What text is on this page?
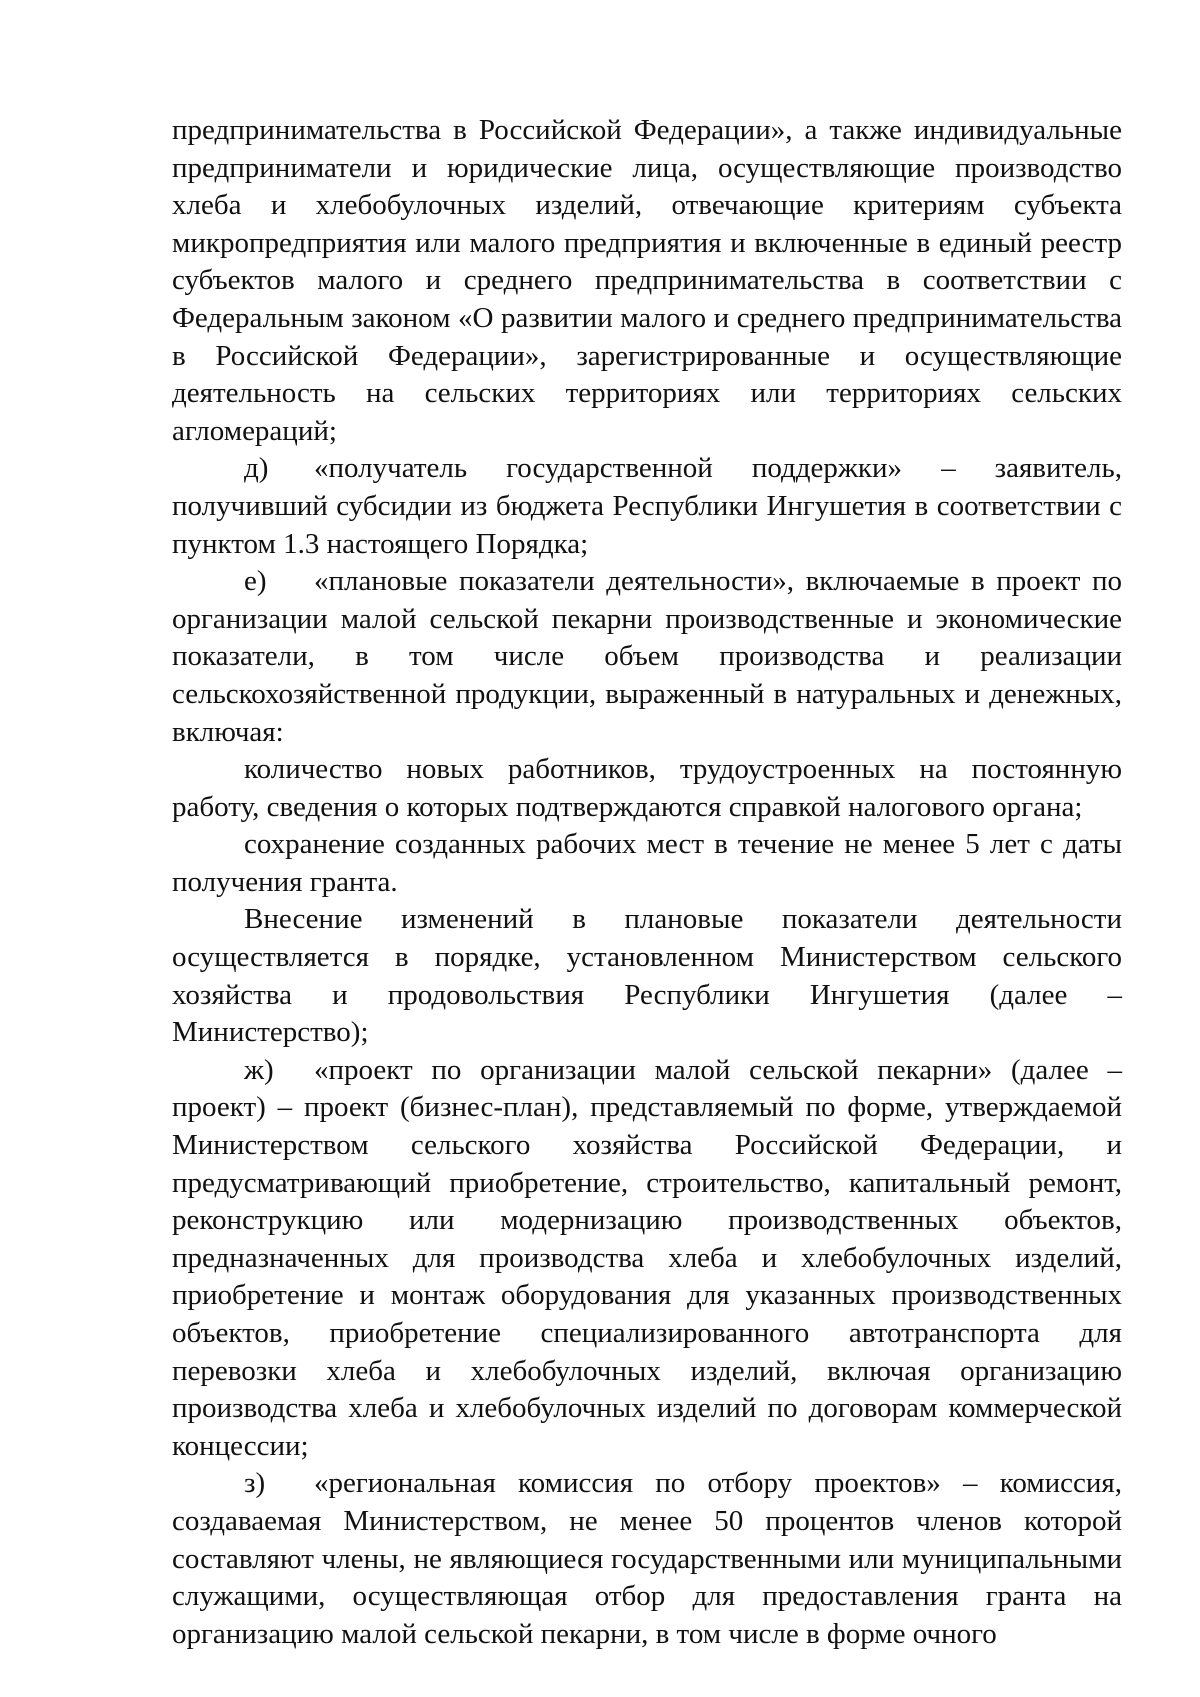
предпринимательства в Российской Федерации», а также индивидуальные предприниматели и юридические лица, осуществляющие производство хлеба и хлебобулочных изделий, отвечающие критериям субъекта микропредприятия или малого предприятия и включенные в единый реестр субъектов малого и среднего предпринимательства в соответствии с Федеральным законом «О развитии малого и среднего предпринимательства в Российской Федерации», зарегистрированные и осуществляющие деятельность на сельских территориях или территориях сельских агломераций;

д) «получатель государственной поддержки» – заявитель, получивший субсидии из бюджета Республики Ингушетия в соответствии с пунктом 1.3 настоящего Порядка;

е) «плановые показатели деятельности», включаемые в проект по организации малой сельской пекарни производственные и экономические показатели, в том числе объем производства и реализации сельскохозяйственной продукции, выраженный в натуральных и денежных, включая:

количество новых работников, трудоустроенных на постоянную работу, сведения о которых подтверждаются справкой налогового органа;

сохранение созданных рабочих мест в течение не менее 5 лет с даты получения гранта.

Внесение изменений в плановые показатели деятельности осуществляется в порядке, установленном Министерством сельского хозяйства и продовольствия Республики Ингушетия (далее – Министерство);

ж) «проект по организации малой сельской пекарни» (далее – проект) – проект (бизнес-план), представляемый по форме, утверждаемой Министерством сельского хозяйства Российской Федерации, и предусматривающий приобретение, строительство, капитальный ремонт, реконструкцию или модернизацию производственных объектов, предназначенных для производства хлеба и хлебобулочных изделий, приобретение и монтаж оборудования для указанных производственных объектов, приобретение специализированного автотранспорта для перевозки хлеба и хлебобулочных изделий, включая организацию производства хлеба и хлебобулочных изделий по договорам коммерческой концессии;

з) «региональная комиссия по отбору проектов» – комиссия, создаваемая Министерством, не менее 50 процентов членов которой составляют члены, не являющиеся государственными или муниципальными служащими, осуществляющая отбор для предоставления гранта на организацию малой сельской пекарни, в том числе в форме очного
